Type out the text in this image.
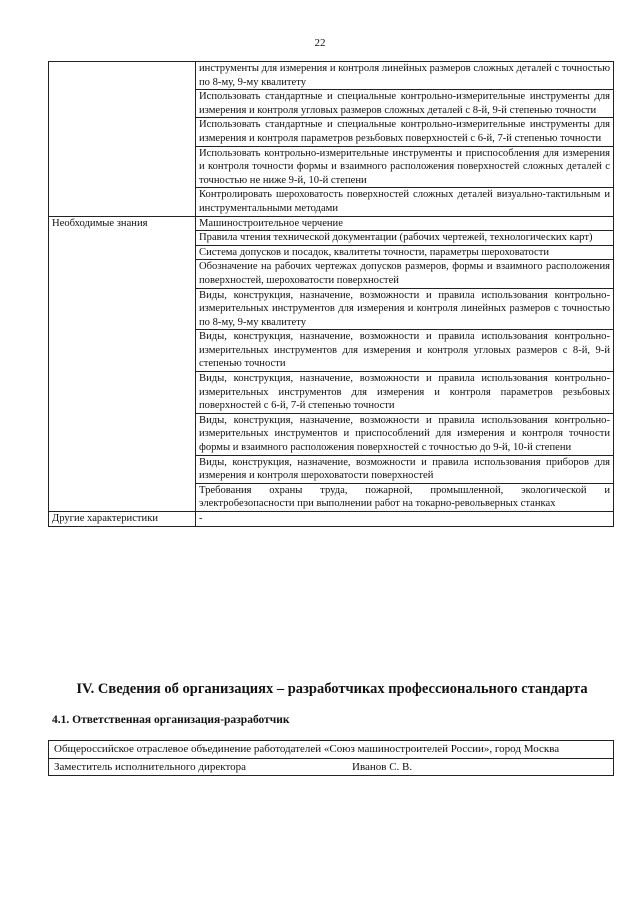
22
	инструменты для измерения и контроля линейных размеров сложных деталей с точностью по 8-му, 9-му квалитету
	Использовать стандартные и специальные контрольно-измерительные инструменты для измерения и контроля угловых размеров сложных деталей с 8-й, 9-й степенью точности
	Использовать стандартные и специальные контрольно-измерительные инструменты для измерения и контроля параметров резьбовых поверхностей с 6-й, 7-й степенью точности
	Использовать контрольно-измерительные инструменты и приспособления для измерения и контроля точности формы и взаимного расположения поверхностей сложных деталей с точностью не ниже 9-й, 10-й степени
	Контролировать шероховатость поверхностей сложных деталей визуально-тактильным и инструментальными методами
Необходимые знания	Машиностроительное черчение
	Правила чтения технической документации (рабочих чертежей, технологических карт)
	Система допусков и посадок, квалитеты точности, параметры шероховатости
	Обозначение на рабочих чертежах допусков размеров, формы и взаимного расположения поверхностей, шероховатости поверхностей
	Виды, конструкция, назначение, возможности и правила использования контрольно-измерительных инструментов для измерения и контроля линейных размеров с точностью по 8-му, 9-му квалитету
	Виды, конструкция, назначение, возможности и правила использования контрольно-измерительных инструментов для измерения и контроля угловых размеров с 8-й, 9-й степенью точности
	Виды, конструкция, назначение, возможности и правила использования контрольно-измерительных инструментов для измерения и контроля параметров резьбовых поверхностей с 6-й, 7-й степенью точности
	Виды, конструкция, назначение, возможности и правила использования контрольно-измерительных инструментов и приспособлений для измерения и контроля точности формы и взаимного расположения поверхностей с точностью до 9-й, 10-й степени
	Виды, конструкция, назначение, возможности и правила использования приборов для измерения и контроля шероховатости поверхностей
	Требования охраны труда, пожарной, промышленной, экологической и электробезопасности при выполнении работ на токарно-револьверных станках
Другие характеристики	-
IV. Сведения об организациях – разработчиках профессионального стандарта
4.1. Ответственная организация-разработчик
Общероссийское отраслевое объединение работодателей «Союз машиностроителей России», город Москва
Заместитель исполнительного директора	Иванов С. В.
